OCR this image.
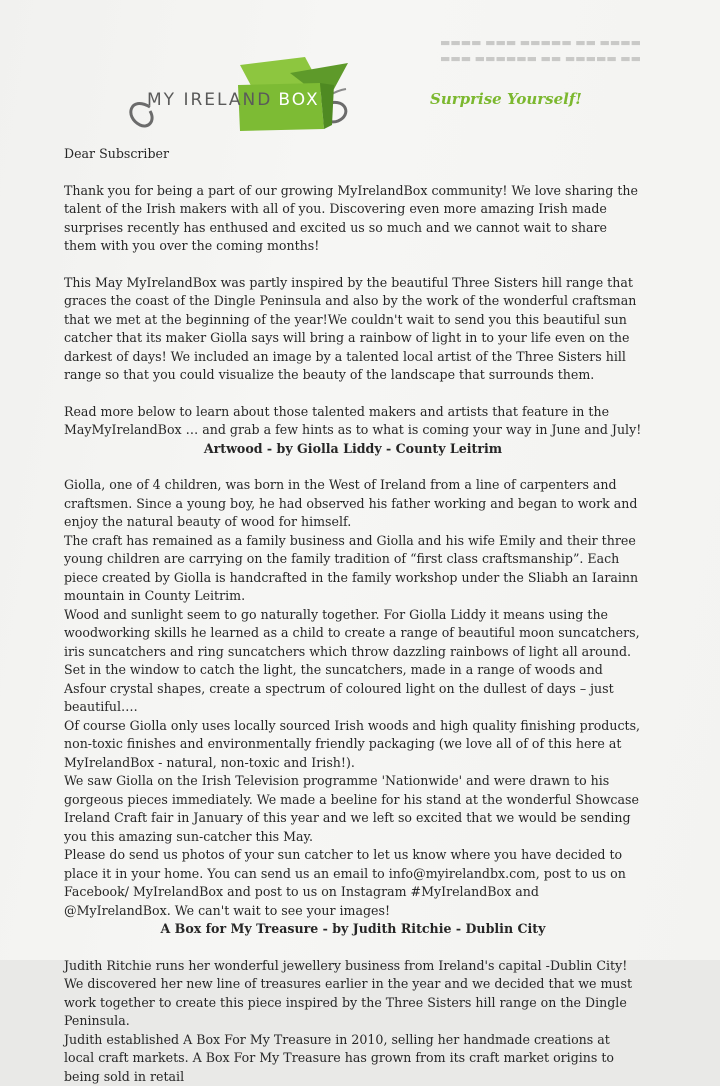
▬▬▬▬ ▬▬▬ ▬▬▬▬▬ ▬▬ ▬▬▬▬
▬▬▬ ▬▬▬▬▬▬ ▬▬ ▬▬▬▬▬ ▬▬
MY IRELAND BOX	Surprise Yourself!

Dear Subscriber

Thank you for being a part of our growing MyIrelandBox community! We love sharing the talent of the Irish makers with all of you. Discovering even more amazing Irish made surprises recently has enthused and excited us so much and we cannot wait to share them with you over the coming months!

This May MyIrelandBox was partly inspired by the beautiful Three Sisters hill range that graces the coast of the Dingle Peninsula and also by the work of the wonderful craftsman that we met at the beginning of the year!We couldn't wait to send you this beautiful sun catcher that its maker Giolla says will bring a rainbow of light in to your life even on the darkest of days! We included an image by a talented local artist of the Three Sisters hill range so that you could visualize the beauty of the landscape that surrounds them.

Read more below to learn about those talented makers and artists that feature in the MayMyIrelandBox … and grab a few hints as to what is coming your way in June and July!

Artwood - by Giolla Liddy - County Leitrim

Giolla, one of 4 children, was born in the West of Ireland from a line of carpenters and craftsmen. Since a young boy, he had observed his father working and began to work and enjoy the natural beauty of wood for himself.

The craft has remained as a family business and Giolla and his wife Emily and their three young children are carrying on the family tradition of “first class craftsmanship”. Each piece created by Giolla is handcrafted in the family workshop under the Sliabh an Iarainn mountain in County Leitrim.

Wood and sunlight seem to go naturally together. For Giolla Liddy it means using the woodworking skills he learned as a child to create a range of beautiful moon suncatchers, iris suncatchers and ring suncatchers which throw dazzling rainbows of light all around. Set in the window to catch the light, the suncatchers, made in a range of woods and Asfour crystal shapes, create a spectrum of coloured light on the dullest of days – just beautiful….

Of course Giolla only uses locally sourced Irish woods and high quality finishing products, non-toxic finishes and environmentally friendly packaging (we love all of of this here at MyIrelandBox - natural, non-toxic and Irish!).

We saw Giolla on the Irish Television programme 'Nationwide' and were drawn to his gorgeous pieces immediately. We made a beeline for his stand at the wonderful Showcase Ireland Craft fair in January of this year and we left so excited that we would be sending you this amazing sun-catcher this May.

Please do send us photos of your sun catcher to let us know where you have decided to place it in your home. You can send us an email to info@myirelandbx.com, post to us on Facebook/ MyIrelandBox and post to us on Instagram #MyIrelandBox and @MyIrelandBox. We can't wait to see your images!

A Box for My Treasure - by Judith Ritchie - Dublin City

Judith Ritchie runs her wonderful jewellery business from Ireland's capital -Dublin City! We discovered her new line of treasures earlier in the year and we decided that we must work together to create this piece inspired by the Three Sisters hill range on the Dingle Peninsula.

Judith established A Box For My Treasure in 2010, selling her handmade creations at local craft markets. A Box For My Treasure has grown from its craft market origins to being sold in retail
